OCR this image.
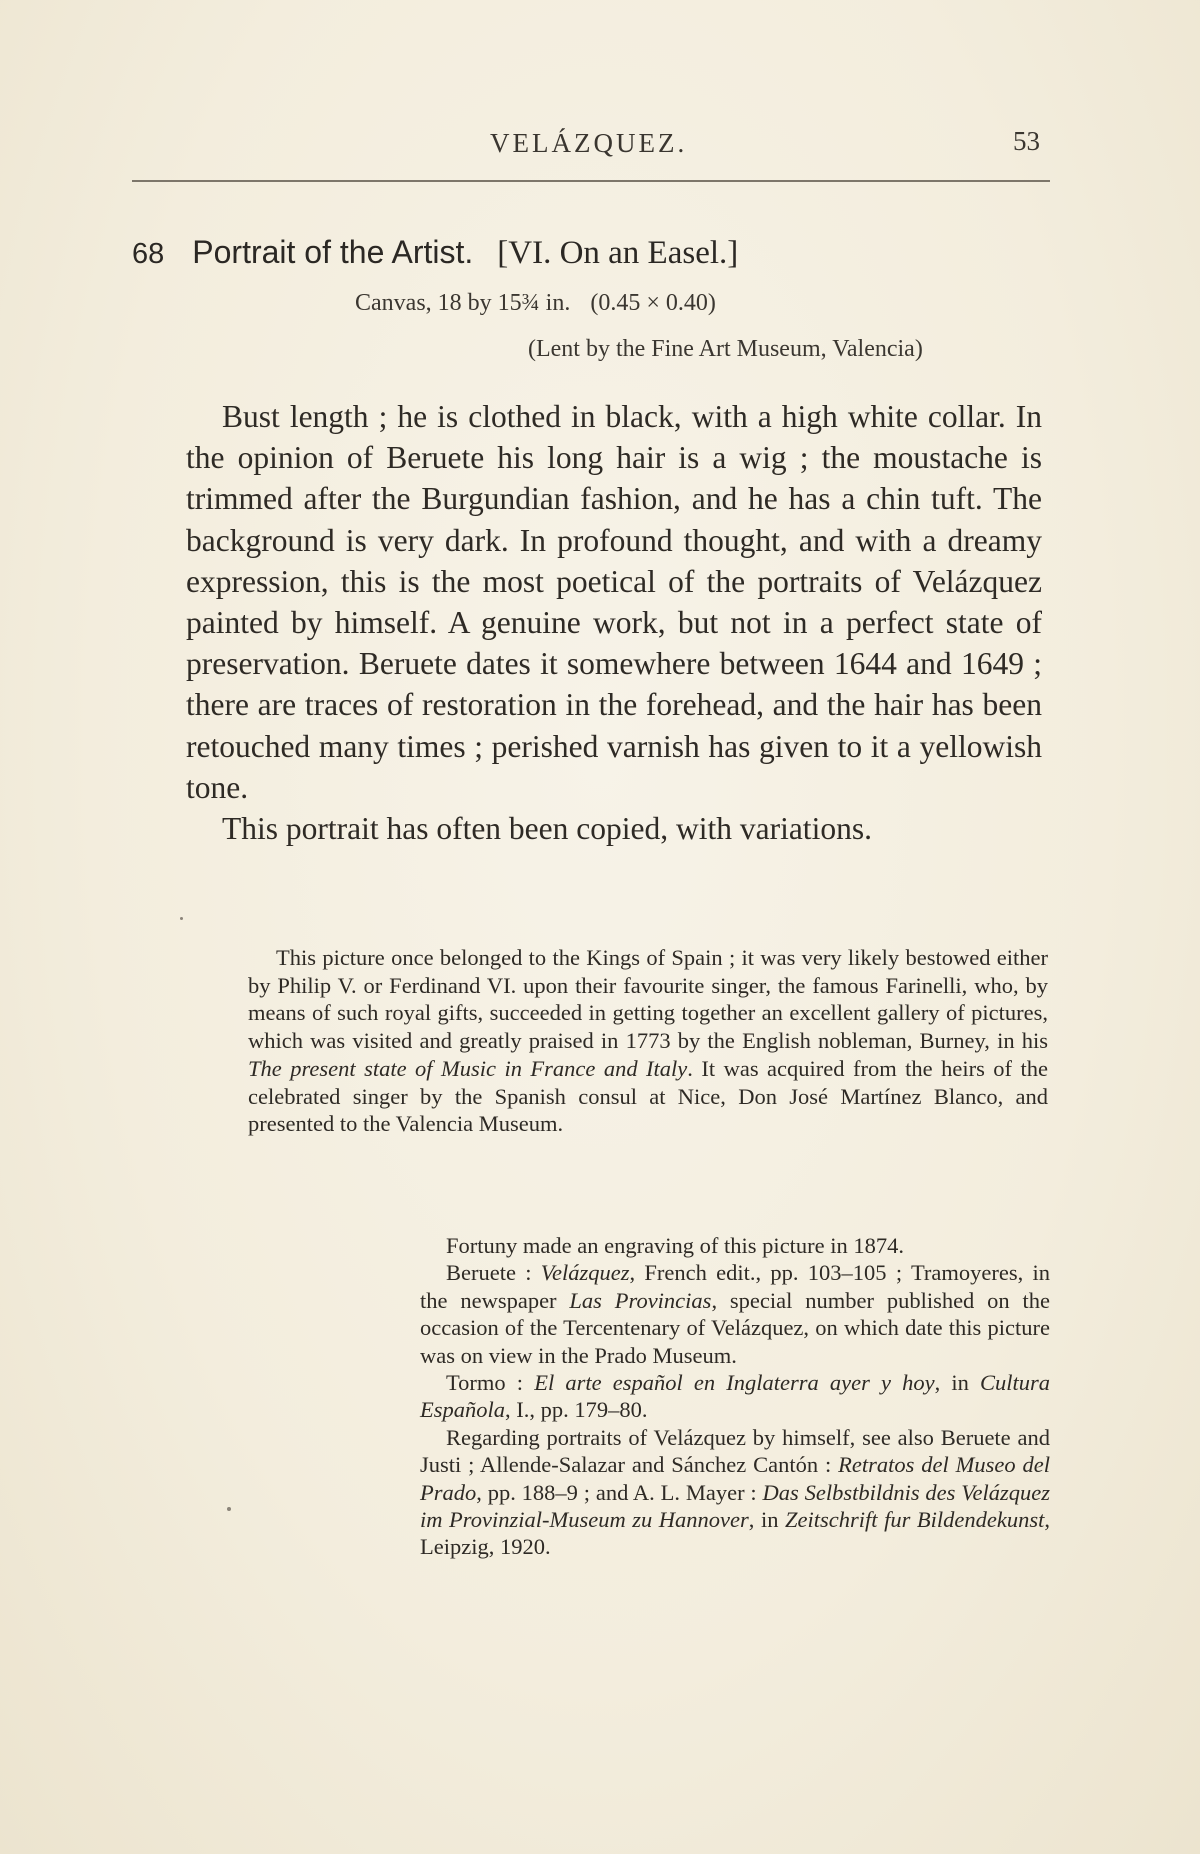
VELÁZQUEZ.	53
68 Portrait of the Artist. [VI. On an Easel.]
Canvas, 18 by 15¾ in. (0.45 × 0.40)
(Lent by the Fine Art Museum, Valencia)

Bust length ; he is clothed in black, with a high white collar. In the opinion of Beruete his long hair is a wig ; the moustache is trimmed after the Burgundian fashion, and he has a chin tuft. The background is very dark. In profound thought, and with a dreamy expression, this is the most poetical of the portraits of Velázquez painted by himself. A genuine work, but not in a perfect state of preservation. Beruete dates it somewhere between 1644 and 1649 ; there are traces of restoration in the forehead, and the hair has been retouched many times ; perished varnish has given to it a yellowish tone.

This portrait has often been copied, with variations.

This picture once belonged to the Kings of Spain ; it was very likely bestowed either by Philip V. or Ferdinand VI. upon their favourite singer, the famous Farinelli, who, by means of such royal gifts, succeeded in getting together an excellent gallery of pictures, which was visited and greatly praised in 1773 by the English nobleman, Burney, in his The present state of Music in France and Italy. It was acquired from the heirs of the celebrated singer by the Spanish consul at Nice, Don José Martínez Blanco, and presented to the Valencia Museum.

Fortuny made an engraving of this picture in 1874.

Beruete : Velázquez, French edit., pp. 103–105 ; Tramoyeres, in the newspaper Las Provincias, special number published on the occasion of the Tercentenary of Velázquez, on which date this picture was on view in the Prado Museum.

Tormo : El arte español en Inglaterra ayer y hoy, in Cultura Española, I., pp. 179–80.

Regarding portraits of Velázquez by himself, see also Beruete and Justi ; Allende-Salazar and Sánchez Cantón : Retratos del Museo del Prado, pp. 188–9 ; and A. L. Mayer : Das Selbstbildnis des Velázquez im Provinzial-Museum zu Hannover, in Zeitschrift fur Bildendekunst, Leipzig, 1920.
